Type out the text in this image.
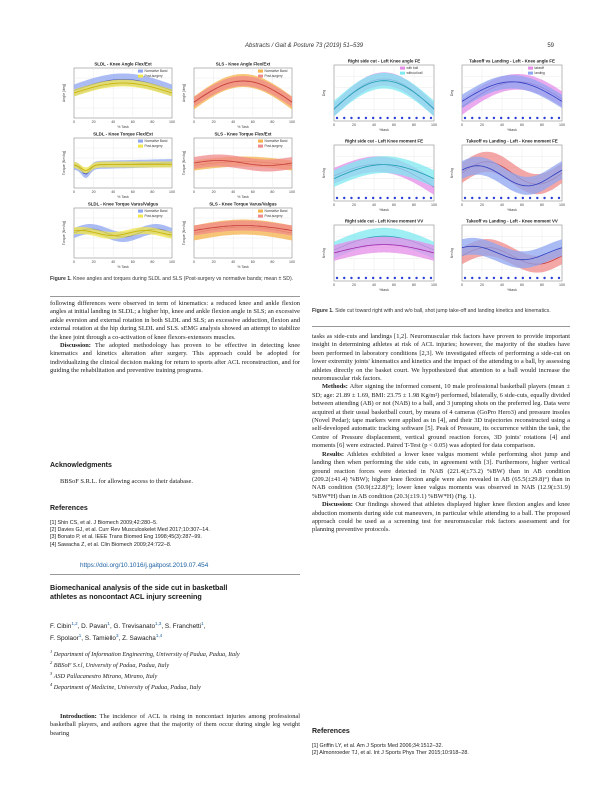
Abstracts / Gait & Posture 73 (2019) 51–539	59
SLDL - Knee Angle Flex/Ext
Angle [deg]
0	20	40	60	80	100
% Task
Normative Band
Post-surgery
SLS - Knee Angle Flex/Ext
Angle [deg]
0	20	40	60	80	100
% Task
Normative Band
Post-surgery
SLDL - Knee Torque Flex/Ext
Torque [Nm/kg]
0	20	40	60	80	100
% Task
Normative Band
Post-surgery
SLS - Knee Torque Flex/Ext
Torque [Nm/kg]
0	20	40	60	80	100
% Task
Normative Band
Post-surgery
SLDL - Knee Torque Varus/Valgus
Torque [Nm/kg]
0	20	40	60	80	100
% Task
Normative Band
Post-surgery
SLS - Knee Torque Varus/Valgus
Torque [Nm/kg]
0	20	40	60	80	100
% Task
Normative Band
Post-surgery
Figure 1. Knee angles and torques during SLDL and SLS (Post-surgery vs normative bands; mean ± SD).

following differences were observed in term of kinematics: a reduced knee and ankle flexion angles at initial landing in SLDL; a higher hip, knee and ankle flexion angle in SLS; an excessive ankle eversion and external rotation in both SLDL and SLS; an excessive adduction, flexion and external rotation at the hip during SLDL and SLS. sEMG analysis showed an attempt to stabilize the knee joint through a co-activation of knee flexors-extensors muscles.

Discussion: The adopted methodology has proven to be effective in detecting knee kinematics and kinetics alteration after surgery. This approach could be adopted for individualizing the clinical decision making for return to sports after ACL reconstruction, and for guiding the rehabilitation and preventive training programs.

Acknowledgments

BBSoF S.R.L. for allowing access to their database.

References
[1] Shin CS, et al. J Biomech 2009;42:280–5.
[2] Davies GJ, et al. Curr Rev Musculoskelet Med 2017;10:307–14.
[3] Bonato P, et al. IEEE Trans Biomed Eng 1998;45(3):287–99.
[4] Sawacha Z, et al. Clin Biomech 2009;24:722–8.
https://doi.org/10.1016/j.gaitpost.2019.07.454
Biomechanical analysis of the side cut in basketball athletes as noncontact ACL injury screening
F. Cibin$^{1,2}$, D. Pavan$^1$, G. Trevisanato$^{1,3}$, S. Franchetti$^1$,
F. Spolaor$^1$, S. Tamiello$^3$, Z. Sawacha$^{1,4}$
$^1$ Department of Information Engineering, University of Padua, Padua, Italy
$^2$ BBSoF S.r.l, University of Padua, Padua, Italy
$^3$ ASD Pallacanestro Mirano, Mirano, Italy
$^4$ Department of Medicine, University of Padua, Padua, Italy

Introduction: The incidence of ACL is rising in noncontact injuries among professional basketball players, and authors agree that the majority of them occur during single leg weight bearing

Right side cut - Left Knee angle FE
Deg
0	20	40	60	80	100
%task
with ball
without ball
Takeoff vs Landing - Left - Knee angle FE
Deg
0	20	40	60	80	100
%task
takeoff
landing
Right side cut - Left Knee moment FE
Nm/kg
0	20	40	60	80	100
%task
Takeoff vs Landing - Left - Knee moment FE
Nm/kg
0	20	40	60	80	100
%task
Right side cut - Left Knee moment VV
Nm/kg
0	20	40	60	80	100
%task
Takeoff vs Landing - Left - Knee moment VV
Nm/kg
0	20	40	60	80	100
%task
Figure 1. Side cut toward right with and w/o ball, shot jump take-off and landing kinetics and kinematics.

tasks as side-cuts and landings [1,2]. Neuromuscular risk factors have proven to provide important insight in determining athletes at risk of ACL injuries; however, the majority of the studies have been performed in laboratory conditions [2,3]. We investigated effects of performing a side-cut on lower extremity joints' kinematics and kinetics and the impact of the attending to a ball, by assessing athletes directly on the basket court. We hypothesized that attention to a ball would increase the neuromuscular risk factors.

Methods: After signing the informed consent, 10 male professional basketball players (mean ± SD; age: 21.89 ± 1.69, BMI: 23.75 ± 1.98 Kg/m²) performed, bilaterally, 6 side-cuts, equally divided between attending (AB) or not (NAB) to a ball, and 3 jumping shots on the preferred leg. Data were acquired at their usual basketball court, by means of 4 cameras (GoPro Hero3) and pressure insoles (Novel Pedar); tape markers were applied as in [4], and their 3D trajectories reconstructed using a self-developed automatic tracking software [5]. Peak of Pressure, its occurrence within the task, the Centre of Pressure displacement, vertical ground reaction forces, 3D joints' rotations [4] and moments [6] were extracted. Paired T-Test (p < 0.05) was adopted for data comparison.

Results: Athletes exhibited a lower knee valgus moment while performing shot jump and landing then when performing the side cuts, in agreement with [3]. Furthermore, higher vertical ground reaction forces were detected in NAB (221.4(±73.2) %BW) than in AB condition (209.2(±41.4) %BW); higher knee flexion angle were also revealed in AB (65.5(±29.8)°) than in NAB condition (50.9(±22.8)°); lower knee valgus moments was observed in NAB (12.9(±31.9) %BW*H) than in AB condition (20.3(±19.1) %BW*H) (Fig. 1).

Discussion: Our findings showed that athletes displayed higher knee flexion angles and knee abduction moments during side cut maneuvers, in particular while attending to a ball. The proposed approach could be used as a screening test for neuromuscular risk factors assessment and for planning preventive protocols.

References
[1] Griffin LY, et al. Am J Sports Med 2006;34:1512–32.
[2] Almonroeder TJ, et al. Int J Sports Phys Ther 2015;10:918–28.
